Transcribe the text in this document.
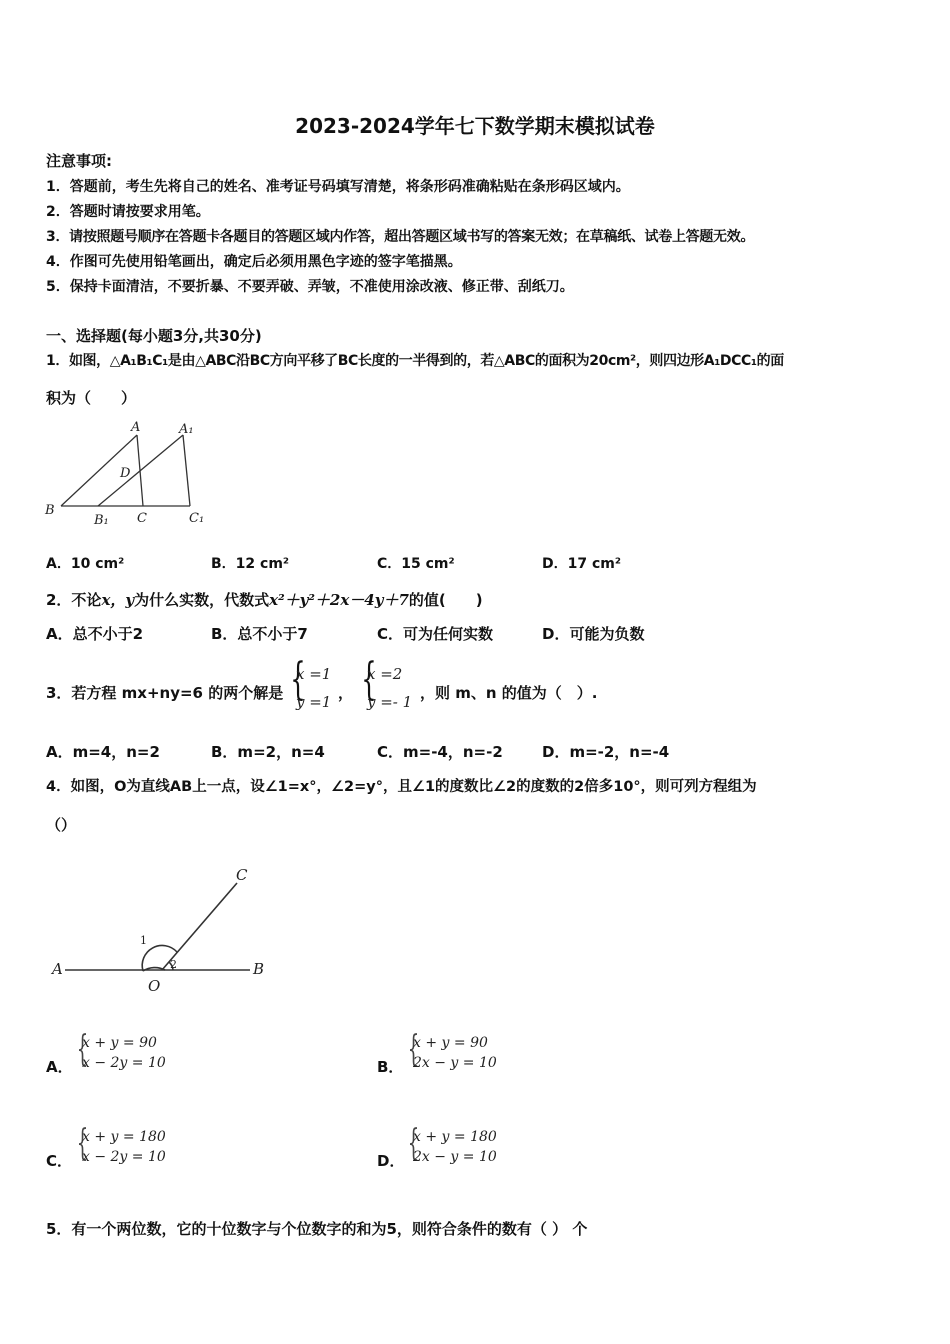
2023-2024学年七下数学期末模拟试卷
注意事项:
1．答题前，考生先将自己的姓名、准考证号码填写清楚，将条形码准确粘贴在条形码区域内。
2．答题时请按要求用笔。
3．请按照题号顺序在答题卡各题目的答题区域内作答，超出答题区域书写的答案无效；在草稿纸、试卷上答题无效。
4．作图可先使用铅笔画出，确定后必须用黑色字迹的签字笔描黑。
5．保持卡面清洁，不要折暴、不要弄破、弄皱，不准使用涂改液、修正带、刮纸刀。
一、选择题(每小题3分,共30分)
1．如图，△A₁B₁C₁是由△ABC沿BC方向平移了BC长度的一半得到的，若△ABC的面积为20cm²，则四边形A₁DCC₁的面
积为（　　）
A	A₁
D
B
B₁ C	C₁
A．10 cm²	B．12 cm²	C．15 cm²	D．17 cm²
2．不论x，y为什么实数，代数式x²＋y²＋2x－4y＋7的值(　　)
A．总不小于2	B．总不小于7	C．可为任何实数	D．可能为负数
3．若方程 mx+ny=6 的两个解是 {
x =1
y =1 ， {
x =2
y =- 1 ，则 m、n 的值为（　）.
A．m=4，n=2	B．m=2，n=4	C．m=-4，n=-2	D．m=-2，n=-4
4．如图，O为直线AB上一点，设∠1=x°，∠2=y°，且∠1的度数比∠2的度数的2倍多10°，则可列方程组为
（）
A	B
C
O
1
2
A． {
x + y = 90
x − 2y = 10	B． {
x + y = 90
2x − y = 10
C． {
x + y = 180
x − 2y = 10	D． {
x + y = 180
2x − y = 10
5．有一个两位数，它的十位数字与个位数字的和为5，则符合条件的数有（ ） 个
